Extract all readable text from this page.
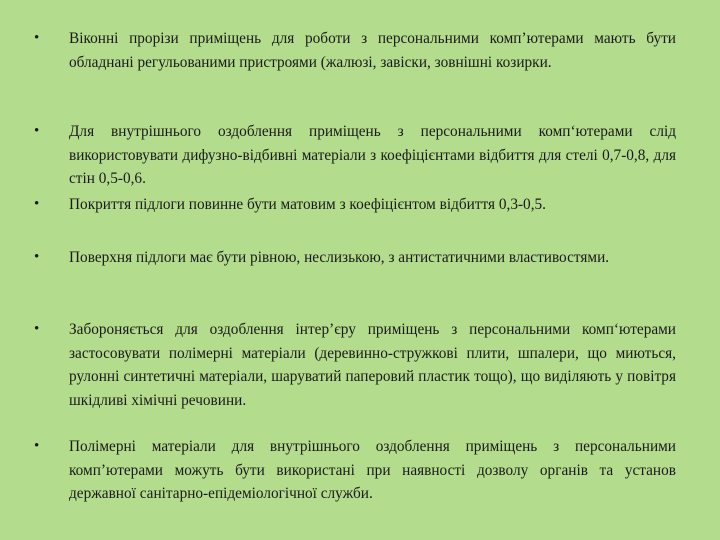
• Віконні прорізи приміщень для роботи з персональними комп’ютерами мають бути обладнані регульованими пристроями (жалюзі, завіски, зовнішні козирки.
• Для внутрішнього оздоблення приміщень з персональними комп‘ютерами слід використовувати дифузно-відбивні матеріали з коефіцієнтами відбиття для стелі 0,7-0,8, для стін 0,5-0,6.
• Покриття підлоги повинне бути матовим з коефіцієнтом відбиття 0,3-0,5.
• Поверхня підлоги має бути рівною, неслизькою, з антистатичними властивостями.
• Забороняється для оздоблення інтер’єру приміщень з персональними комп‘ютерами застосовувати полімерні матеріали (деревинно-стружкові плити, шпалери, що миються, рулонні синтетичні матеріали, шаруватий паперовий пластик тощо), що виділяють у повітря шкідливі хімічні речовини.
• Полімерні матеріали для внутрішнього оздоблення приміщень з персональними комп’ютерами можуть бути використані при наявності дозволу органів та установ державної санітарно-епідеміологічної служби.
